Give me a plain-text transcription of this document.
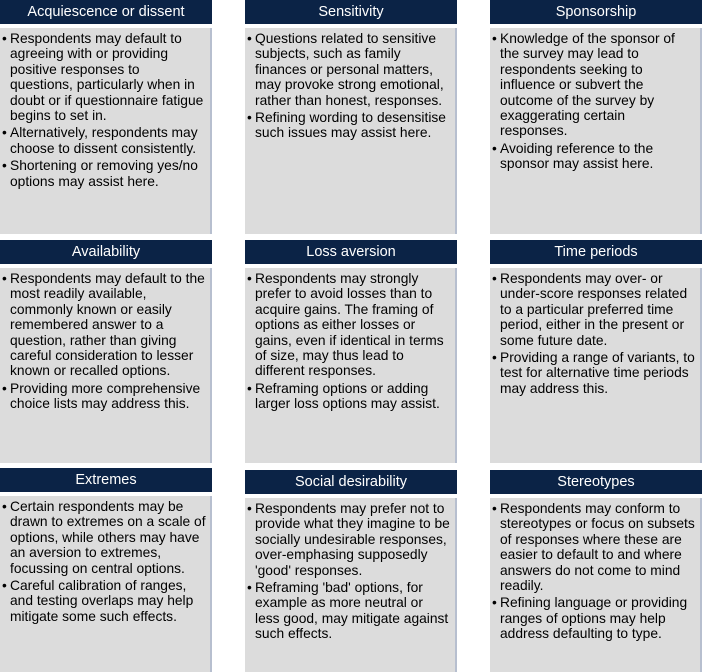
Acquiescence or dissent
• Respondents may default to agreeing with or providing positive responses to questions, particularly when in doubt or if questionnaire fatigue begins to set in.
• Alternatively, respondents may choose to dissent consistently.
• Shortening or removing yes/no options may assist here.
Sensitivity
• Questions related to sensitive subjects, such as family finances or personal matters, may provoke strong emotional, rather than honest, responses.
• Refining wording to desensitise such issues may assist here.
Sponsorship
• Knowledge of the sponsor of the survey may lead to respondents seeking to influence or subvert the outcome of the survey by exaggerating certain responses.
• Avoiding reference to the sponsor may assist here.
Availability
• Respondents may default to the most readily available, commonly known or easily remembered answer to a question, rather than giving careful consideration to lesser known or recalled options.
• Providing more comprehensive choice lists may address this.
Loss aversion
• Respondents may strongly prefer to avoid losses than to acquire gains. The framing of options as either losses or gains, even if identical in terms of size, may thus lead to different responses.
• Reframing options or adding larger loss options may assist.
Time periods
• Respondents may over- or under-score responses related to a particular preferred time period, either in the present or some future date.
• Providing a range of variants, to test for alternative time periods may address this.
Extremes
• Certain respondents may be drawn to extremes on a scale of options, while others may have an aversion to extremes, focussing on central options.
• Careful calibration of ranges, and testing overlaps may help mitigate some such effects.
Social desirability
• Respondents may prefer not to provide what they imagine to be socially undesirable responses, over-emphasing supposedly 'good' responses.
• Reframing 'bad' options, for example as more neutral or less good, may mitigate against such effects.
Stereotypes
• Respondents may conform to stereotypes or focus on subsets of responses where these are easier to default to and where answers do not come to mind readily.
• Refining language or providing ranges of options may help address defaulting to type.
